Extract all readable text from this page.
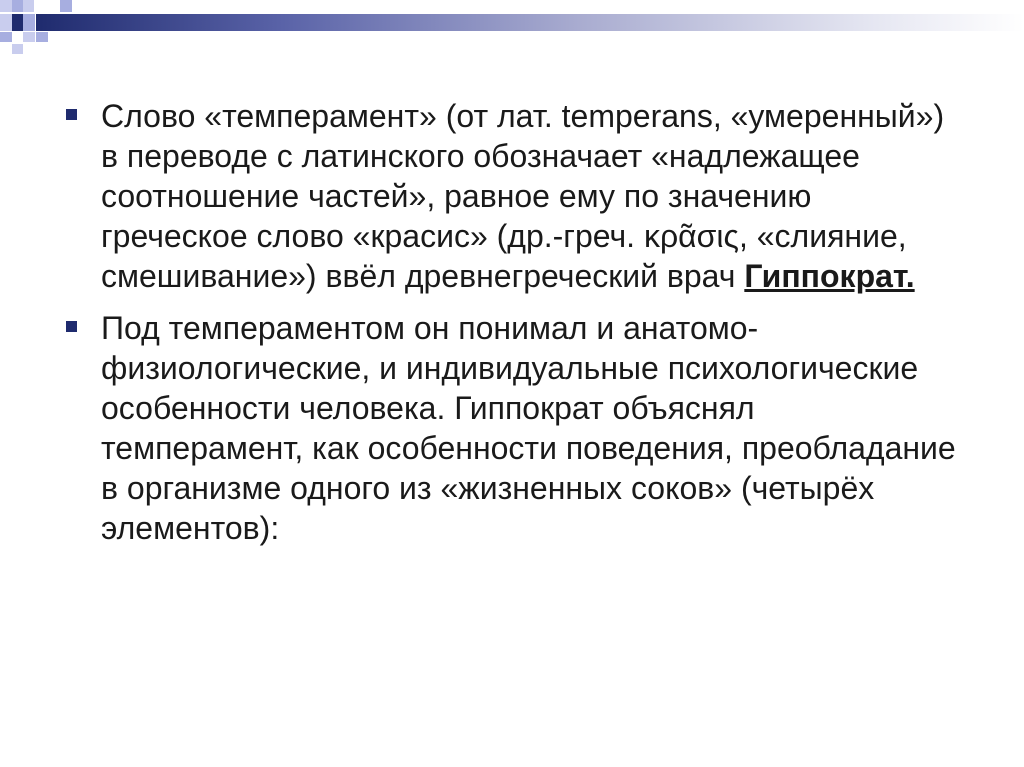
Слово «темперамент» (от лат. temperans, «умеренный») в переводе с латинского обозначает «надлежащее соотношение частей», равное ему по значению греческое слово «красис» (др.-греч. κρᾶσις, «слияние, смешивание») ввёл древнегреческий врач Гиппократ.
Под темпераментом он понимал и анатомо-физиологические, и индивидуальные психологические особенности человека. Гиппократ объяснял темперамент, как особенности поведения, преобладание в организме одного из «жизненных соков» (четырёх элементов):
